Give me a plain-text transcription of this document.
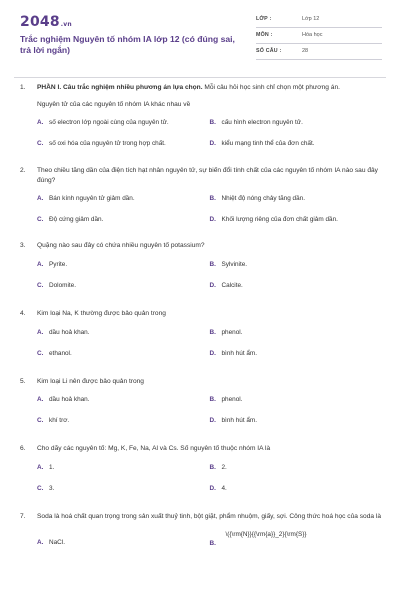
2048.vn
Trắc nghiệm Nguyên tố nhóm IA lớp 12 (có đúng sai, trả lời ngắn)
LỚP :	Lớp 12
MÔN :	Hóa học
SỐ CÂU :	28
1. PHẦN I. Câu trắc nghiệm nhiều phương án lựa chọn. Mỗi câu hỏi học sinh chỉ chọn một phương án.
Nguyên tử của các nguyên tố nhóm IA khác nhau về
A. số electron lớp ngoài cùng của nguyên tử.	B. cấu hình electron nguyên tử.
C. số oxi hóa của nguyên tử trong hợp chất.	D. kiểu mạng tinh thể của đơn chất.
2. Theo chiều tăng dần của điện tích hạt nhân nguyên tử, sự biến đổi tính chất của các nguyên tố nhóm IA nào sau đây đúng?
A. Bán kính nguyên tử giảm dần.	B. Nhiệt độ nóng chảy tăng dần.
C. Độ cứng giảm dần.	D. Khối lượng riêng của đơn chất giảm dần.
3. Quặng nào sau đây có chứa nhiều nguyên tố potassium?
A. Pyrite.	B. Sylvinite.
C. Dolomite.	D. Calcite.
4. Kim loại Na, K thường được bảo quản trong
A. dầu hoả khan.	B. phenol.
C. ethanol.	D. bình hút ẩm.
5. Kim loại Li nên được bảo quản trong
A. dầu hoả khan.	B. phenol.
C. khí trơ.	D. bình hút ẩm.
6. Cho dãy các nguyên tố: Mg, K, Fe, Na, Al và Cs. Số nguyên tố thuộc nhóm IA là
A. 1.	B. 2.
C. 3.	D. 4.
7. Soda là hoá chất quan trọng trong sản xuất thuỷ tinh, bột giặt, phẩm nhuộm, giấy, sợi. Công thức hoá học của soda là
A. NaCl.	B.
\({\rm{N}}{{\rm{a}}_2}{\rm{S}}
